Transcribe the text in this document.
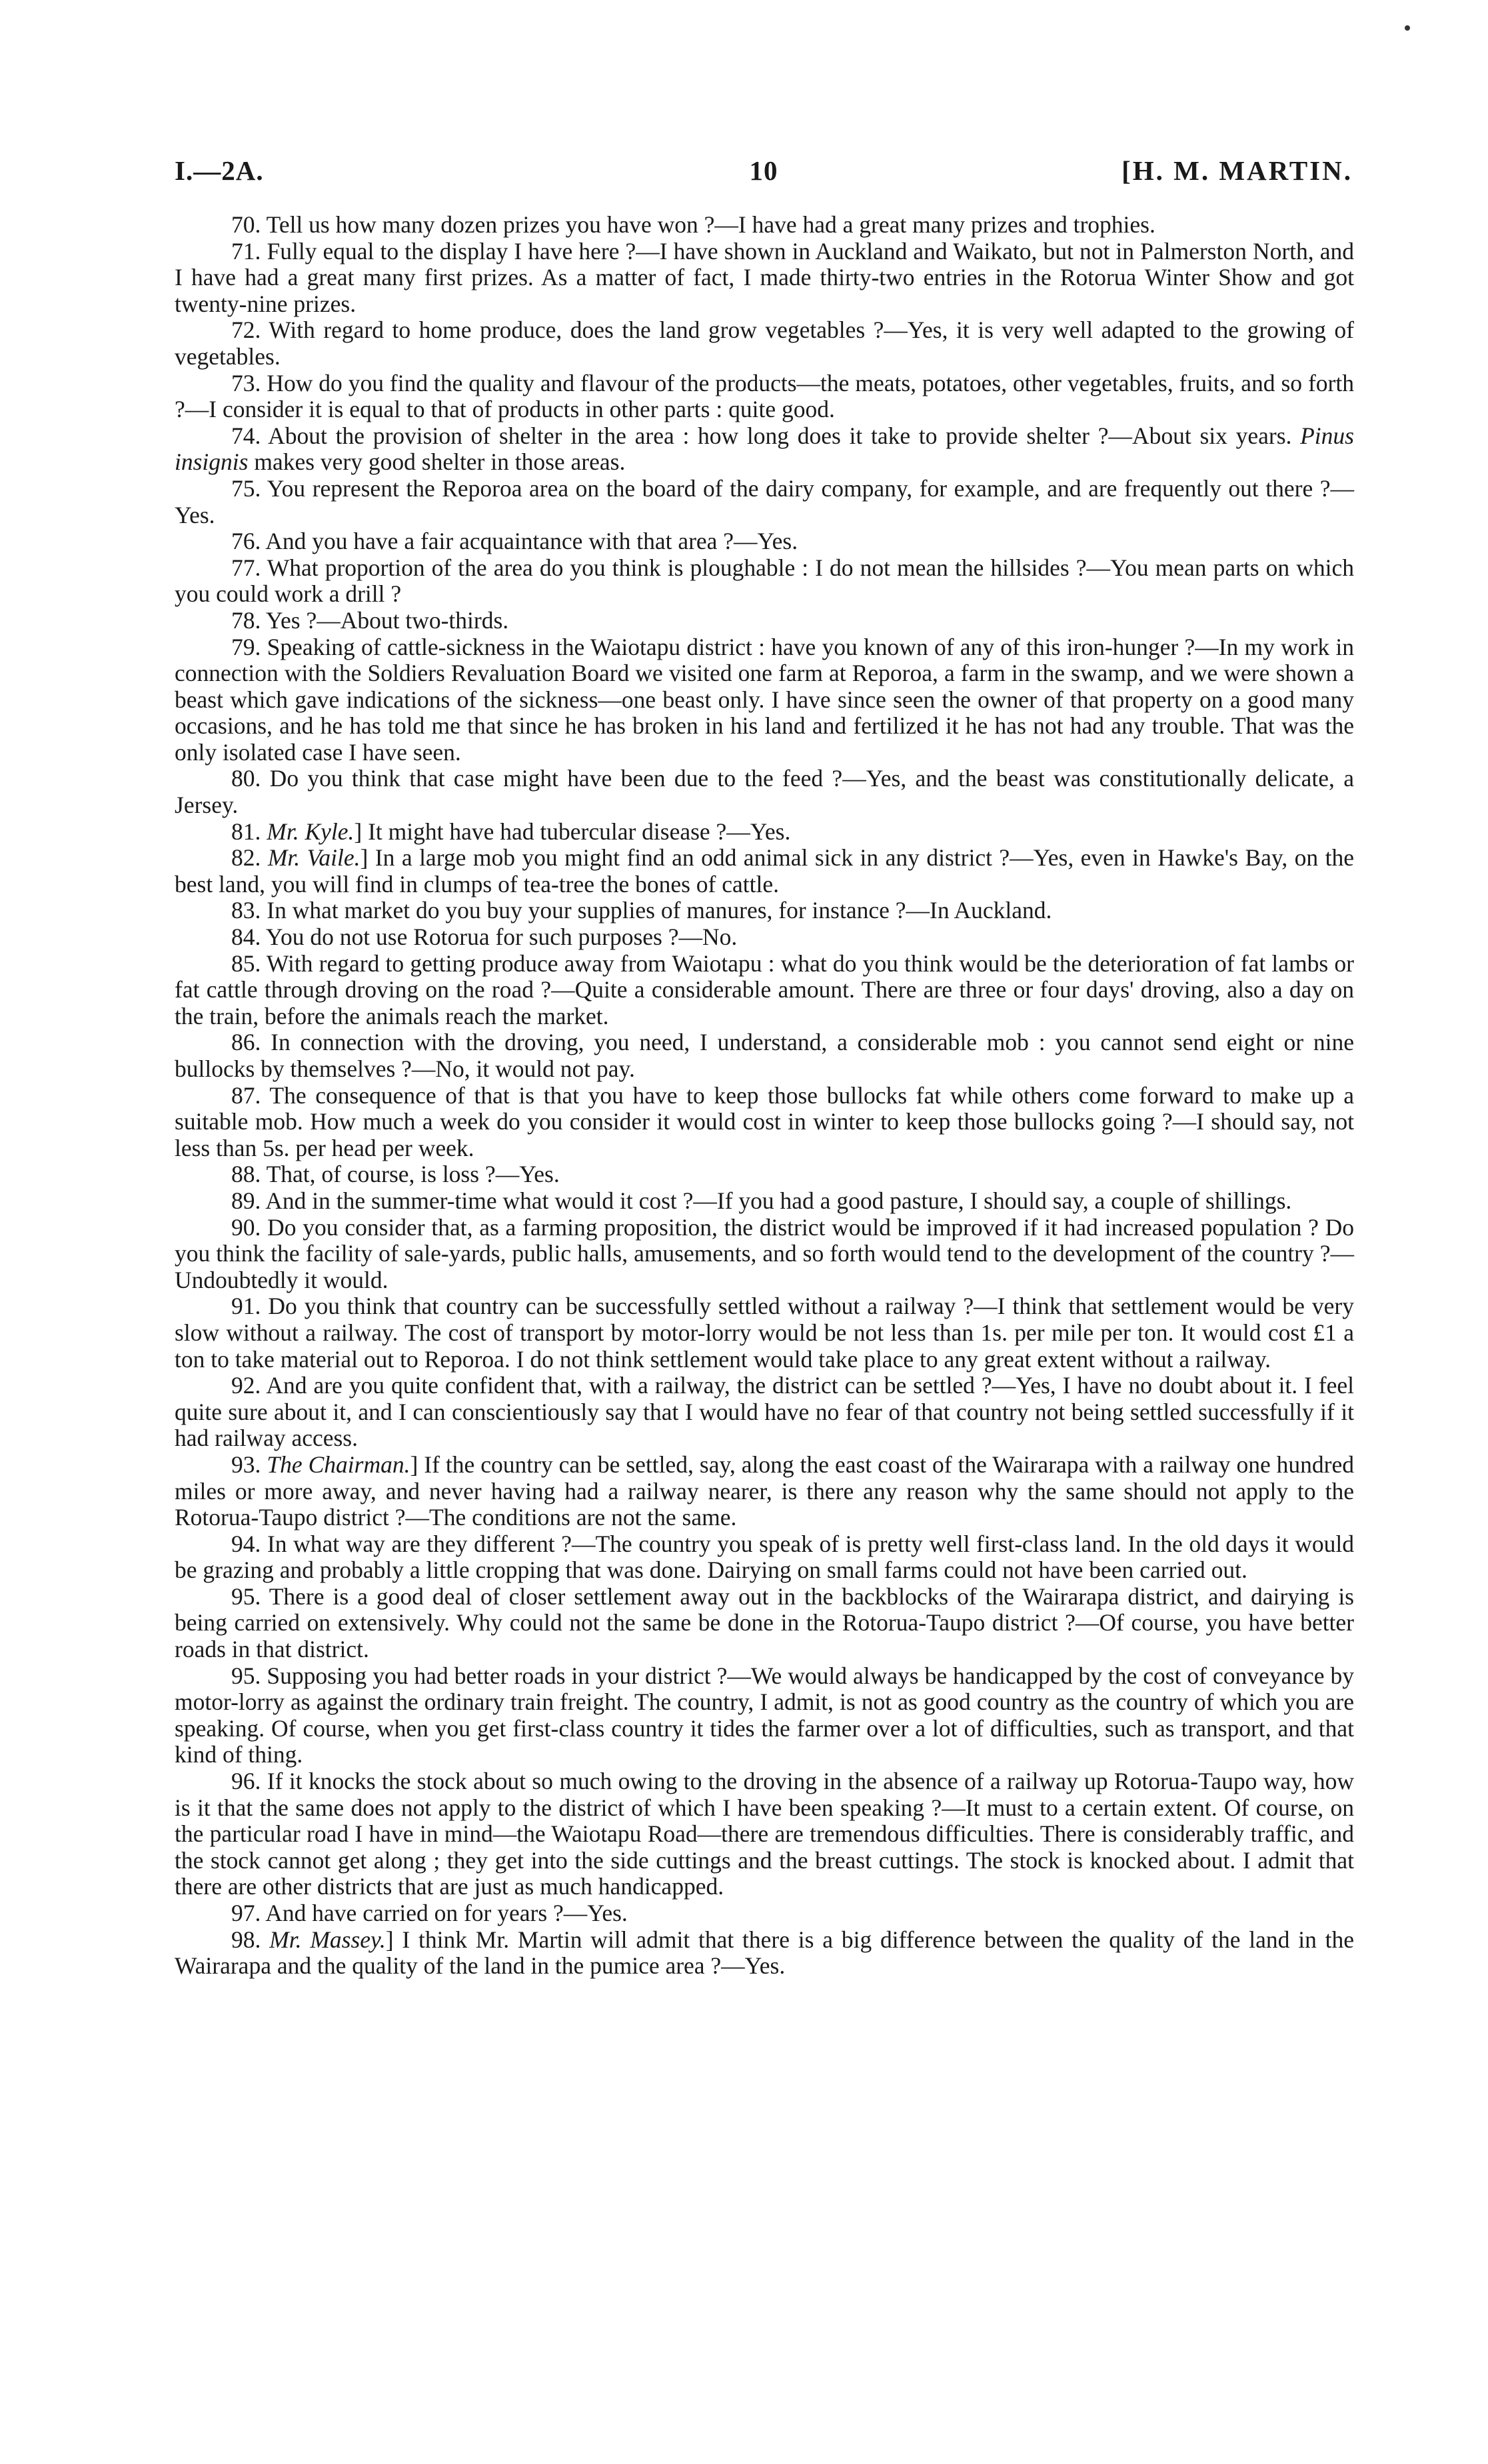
I.—2A.	10	[H. M. MARTIN.

70. Tell us how many dozen prizes you have won ?—I have had a great many prizes and trophies.

71. Fully equal to the display I have here ?—I have shown in Auckland and Waikato, but not in Palmerston North, and I have had a great many first prizes. As a matter of fact, I made thirty-two entries in the Rotorua Winter Show and got twenty-nine prizes.

72. With regard to home produce, does the land grow vegetables ?—Yes, it is very well adapted to the growing of vegetables.

73. How do you find the quality and flavour of the products—the meats, potatoes, other vegetables, fruits, and so forth ?—I consider it is equal to that of products in other parts : quite good.

74. About the provision of shelter in the area : how long does it take to provide shelter ?—About six years. Pinus insignis makes very good shelter in those areas.

75. You represent the Reporoa area on the board of the dairy company, for example, and are frequently out there ?—Yes.

76. And you have a fair acquaintance with that area ?—Yes.

77. What proportion of the area do you think is ploughable : I do not mean the hillsides ?—You mean parts on which you could work a drill ?

78. Yes ?—About two-thirds.

79. Speaking of cattle-sickness in the Waiotapu district : have you known of any of this iron-hunger ?—In my work in connection with the Soldiers Revaluation Board we visited one farm at Reporoa, a farm in the swamp, and we were shown a beast which gave indications of the sickness—one beast only. I have since seen the owner of that property on a good many occasions, and he has told me that since he has broken in his land and fertilized it he has not had any trouble. That was the only isolated case I have seen.

80. Do you think that case might have been due to the feed ?—Yes, and the beast was constitutionally delicate, a Jersey.

81. Mr. Kyle.] It might have had tubercular disease ?—Yes.

82. Mr. Vaile.] In a large mob you might find an odd animal sick in any district ?—Yes, even in Hawke's Bay, on the best land, you will find in clumps of tea-tree the bones of cattle.

83. In what market do you buy your supplies of manures, for instance ?—In Auckland.

84. You do not use Rotorua for such purposes ?—No.

85. With regard to getting produce away from Waiotapu : what do you think would be the deterioration of fat lambs or fat cattle through droving on the road ?—Quite a considerable amount. There are three or four days' droving, also a day on the train, before the animals reach the market.

86. In connection with the droving, you need, I understand, a considerable mob : you cannot send eight or nine bullocks by themselves ?—No, it would not pay.

87. The consequence of that is that you have to keep those bullocks fat while others come forward to make up a suitable mob. How much a week do you consider it would cost in winter to keep those bullocks going ?—I should say, not less than 5s. per head per week.

88. That, of course, is loss ?—Yes.

89. And in the summer-time what would it cost ?—If you had a good pasture, I should say, a couple of shillings.

90. Do you consider that, as a farming proposition, the district would be improved if it had increased population ? Do you think the facility of sale-yards, public halls, amusements, and so forth would tend to the development of the country ?—Undoubtedly it would.

91. Do you think that country can be successfully settled without a railway ?—I think that settlement would be very slow without a railway. The cost of transport by motor-lorry would be not less than 1s. per mile per ton. It would cost £1 a ton to take material out to Reporoa. I do not think settlement would take place to any great extent without a railway.

92. And are you quite confident that, with a railway, the district can be settled ?—Yes, I have no doubt about it. I feel quite sure about it, and I can conscientiously say that I would have no fear of that country not being settled successfully if it had railway access.

93. The Chairman.] If the country can be settled, say, along the east coast of the Wairarapa with a railway one hundred miles or more away, and never having had a railway nearer, is there any reason why the same should not apply to the Rotorua-Taupo district ?—The conditions are not the same.

94. In what way are they different ?—The country you speak of is pretty well first-class land. In the old days it would be grazing and probably a little cropping that was done. Dairying on small farms could not have been carried out.

95. There is a good deal of closer settlement away out in the backblocks of the Wairarapa district, and dairying is being carried on extensively. Why could not the same be done in the Rotorua-Taupo district ?—Of course, you have better roads in that district.

95. Supposing you had better roads in your district ?—We would always be handicapped by the cost of conveyance by motor-lorry as against the ordinary train freight. The country, I admit, is not as good country as the country of which you are speaking. Of course, when you get first-class country it tides the farmer over a lot of difficulties, such as transport, and that kind of thing.

96. If it knocks the stock about so much owing to the droving in the absence of a railway up Rotorua-Taupo way, how is it that the same does not apply to the district of which I have been speaking ?—It must to a certain extent. Of course, on the particular road I have in mind—the Waiotapu Road—there are tremendous difficulties. There is considerably traffic, and the stock cannot get along ; they get into the side cuttings and the breast cuttings. The stock is knocked about. I admit that there are other districts that are just as much handicapped.

97. And have carried on for years ?—Yes.

98. Mr. Massey.] I think Mr. Martin will admit that there is a big difference between the quality of the land in the Wairarapa and the quality of the land in the pumice area ?—Yes.
